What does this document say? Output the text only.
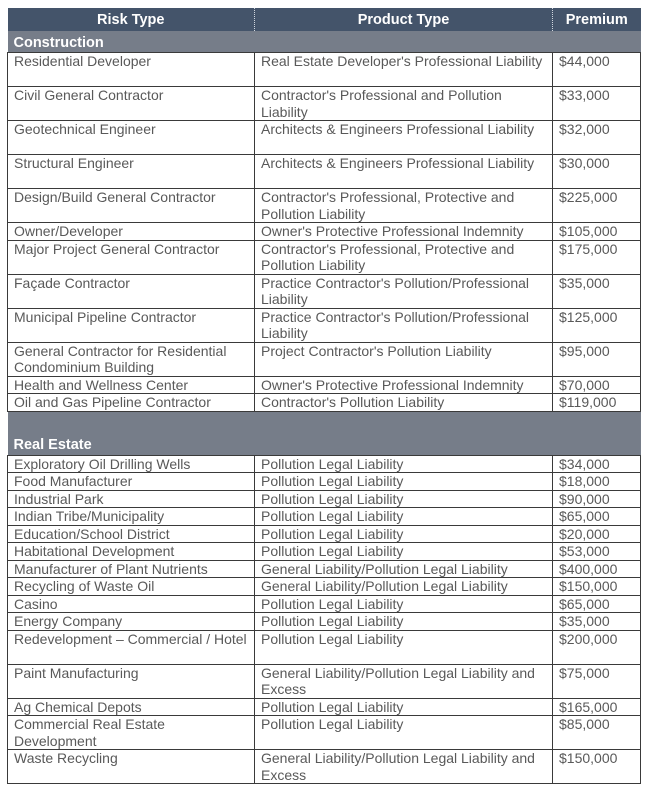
Risk Type	Product Type	Premium
Construction		
Residential Developer	Real Estate Developer's Professional Liability	$44,000
Civil General Contractor	Contractor's Professional and Pollution Liability	$33,000
Geotechnical Engineer	Architects & Engineers Professional Liability	$32,000
Structural Engineer	Architects & Engineers Professional Liability	$30,000
Design/Build General Contractor	Contractor's Professional, Protective and Pollution Liability	$225,000
Owner/Developer	Owner's Protective Professional Indemnity	$105,000
Major Project General Contractor	Contractor's Professional, Protective and Pollution Liability	$175,000
Façade Contractor	Practice Contractor's Pollution/Professional Liability	$35,000
Municipal Pipeline Contractor	Practice Contractor's Pollution/Professional Liability	$125,000
General Contractor for Residential Condominium Building	Project Contractor's Pollution Liability	$95,000
Health and Wellness Center	Owner's Protective Professional Indemnity	$70,000
Oil and Gas Pipeline Contractor	Contractor's Pollution Liability	$119,000
Real Estate		
Exploratory Oil Drilling Wells	Pollution Legal Liability	$34,000
Food Manufacturer	Pollution Legal Liability	$18,000
Industrial Park	Pollution Legal Liability	$90,000
Indian Tribe/Municipality	Pollution Legal Liability	$65,000
Education/School District	Pollution Legal Liability	$20,000
Habitational Development	Pollution Legal Liability	$53,000
Manufacturer of Plant Nutrients	General Liability/Pollution Legal Liability	$400,000
Recycling of Waste Oil	General Liability/Pollution Legal Liability	$150,000
Casino	Pollution Legal Liability	$65,000
Energy Company	Pollution Legal Liability	$35,000
Redevelopment – Commercial / Hotel	Pollution Legal Liability	$200,000
Paint Manufacturing	General Liability/Pollution Legal Liability and Excess	$75,000
Ag Chemical Depots	Pollution Legal Liability	$165,000
Commercial Real Estate Development	Pollution Legal Liability	$85,000
Waste Recycling	General Liability/Pollution Legal Liability and Excess	$150,000
